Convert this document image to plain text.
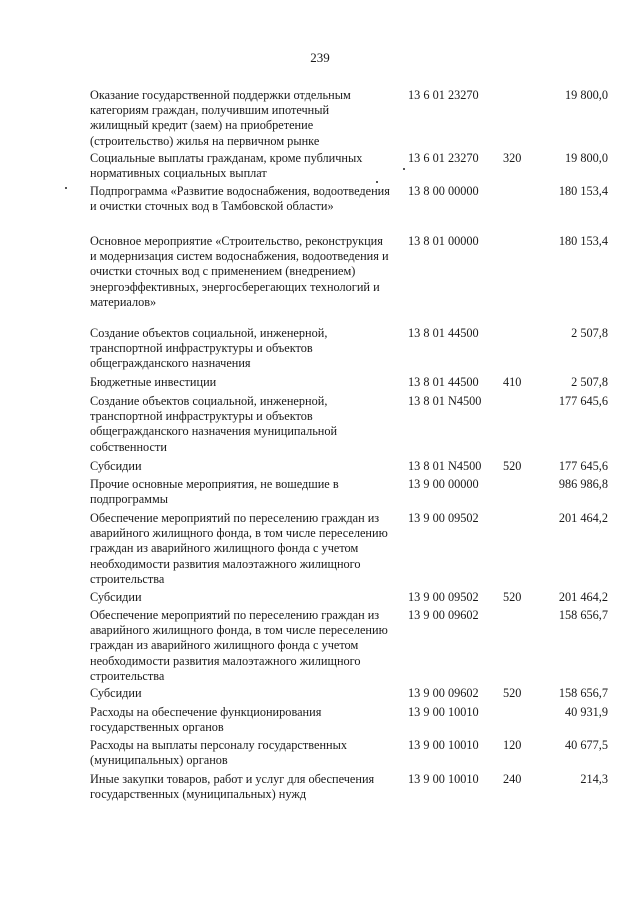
239
Оказание государственной поддержки отдельным категориям граждан, получившим ипотечный жилищный кредит (заем) на приобретение (строительство) жилья на первичном рынке
13 6 01 23270	19 800,0
Социальные выплаты гражданам, кроме публичных нормативных социальных выплат
13 6 01 23270 320	19 800,0
Подпрограмма «Развитие водоснабжения, водоотведения и очистки сточных вод в Тамбовской области»
13 8 00 00000	180 153,4
Основное мероприятие «Строительство, реконструкция и модернизация систем водоснабжения, водоотведения и очистки сточных вод с применением (внедрением) энергоэффективных, энергосберегающих технологий и материалов»
13 8 01 00000	180 153,4
Создание объектов социальной, инженерной, транспортной инфраструктуры и объектов общегражданского назначения
13 8 01 44500	2 507,8
Бюджетные инвестиции	13 8 01 44500 410	2 507,8
Создание объектов социальной, инженерной, транспортной инфраструктуры и объектов общегражданского назначения муниципальной собственности
13 8 01 N4500	177 645,6
Субсидии	13 8 01 N4500 520	177 645,6
Прочие основные мероприятия, не вошедшие в подпрограммы
13 9 00 00000	986 986,8
Обеспечение мероприятий по переселению граждан из аварийного жилищного фонда, в том числе переселению граждан из аварийного жилищного фонда с учетом необходимости развития малоэтажного жилищного строительства
13 9 00 09502	201 464,2
Субсидии	13 9 00 09502 520	201 464,2
Обеспечение мероприятий по переселению граждан из аварийного жилищного фонда, в том числе переселению граждан из аварийного жилищного фонда с учетом необходимости развития малоэтажного жилищного строительства
13 9 00 09602	158 656,7
Субсидии	13 9 00 09602 520	158 656,7
Расходы на обеспечение функционирования государственных органов
13 9 00 10010	40 931,9
Расходы на выплаты персоналу государственных (муниципальных) органов
13 9 00 10010 120	40 677,5
Иные закупки товаров, работ и услуг для обеспечения государственных (муниципальных) нужд
13 9 00 10010 240	214,3
